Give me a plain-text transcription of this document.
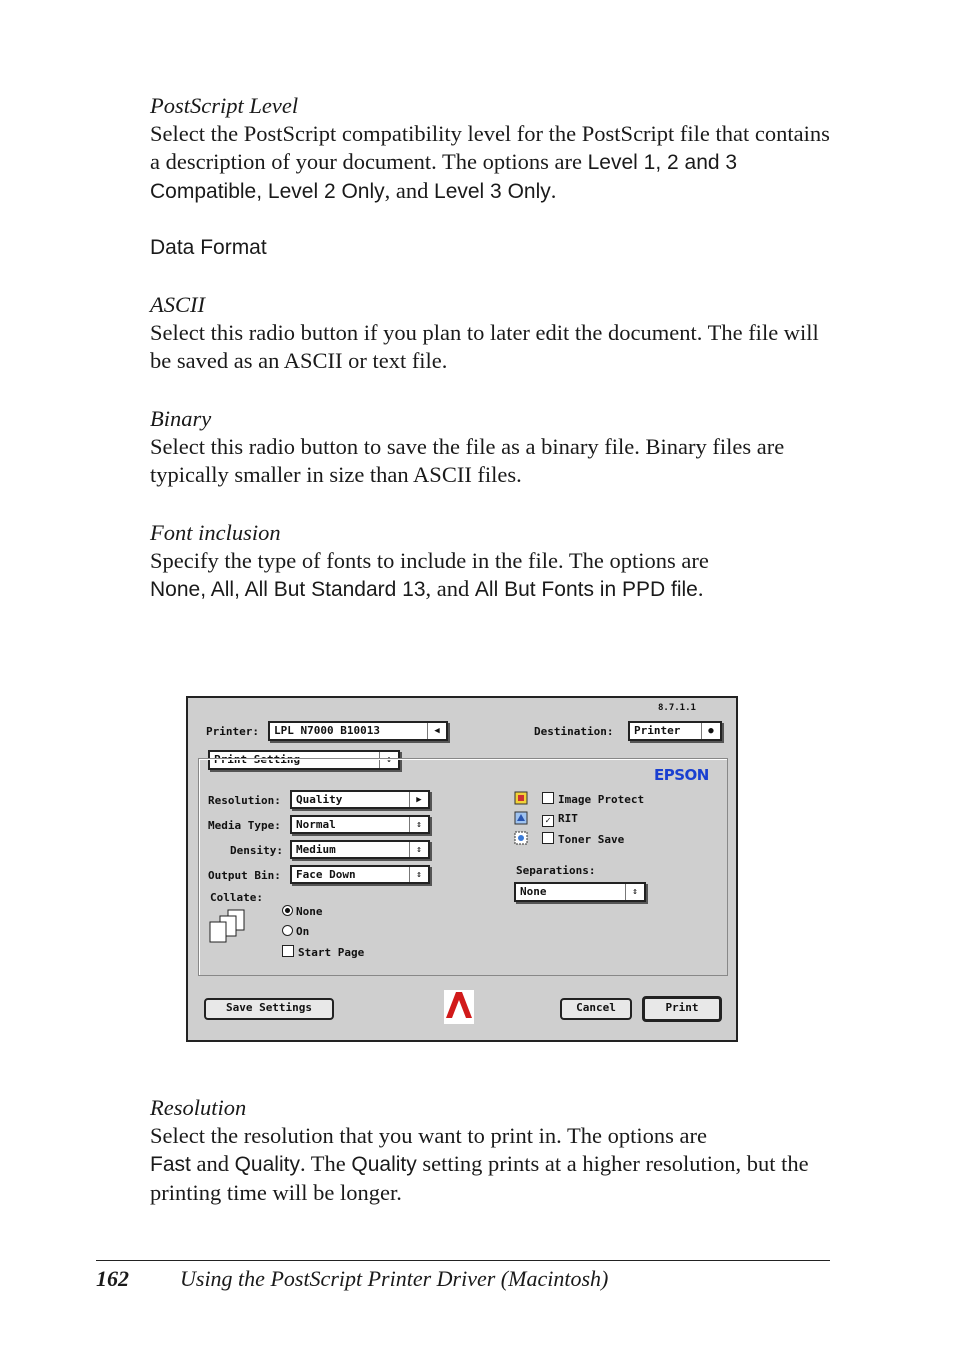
PostScript Level

Select the PostScript compatibility level for the PostScript file that contains a description of your document. The options are Level 1, 2 and 3 Compatible, Level 2 Only, and Level 3 Only.

Data Format
ASCII

Select this radio button if you plan to later edit the document. The file will be saved as an ASCII or text file.

Binary

Select this radio button to save the file as a binary file. Binary files are typically smaller in size than ASCII files.

Font inclusion

Specify the type of fonts to include in the file. The options are
None, All, All But Standard 13, and All But Fonts in PPD file.

8.7.1.1
Printer:	LPL N7000 B10013	◀	Destination:	Printer	●
Print Setting	⇕
EPSON
Resolution:	Quality	▶
Media Type:	Normal	⇕
Density:	Medium	⇕
Output Bin:	Face Down	⇕
Collate:
None
On
Start Page
Image Protect
✓ RIT
Toner Save
Separations:
None	⇕
Save Settings	Cancel	Print
Resolution

Select the resolution that you want to print in. The options are
Fast and Quality. The Quality setting prints at a higher resolution, but the printing time will be longer.

162 Using the PostScript Printer Driver (Macintosh)
